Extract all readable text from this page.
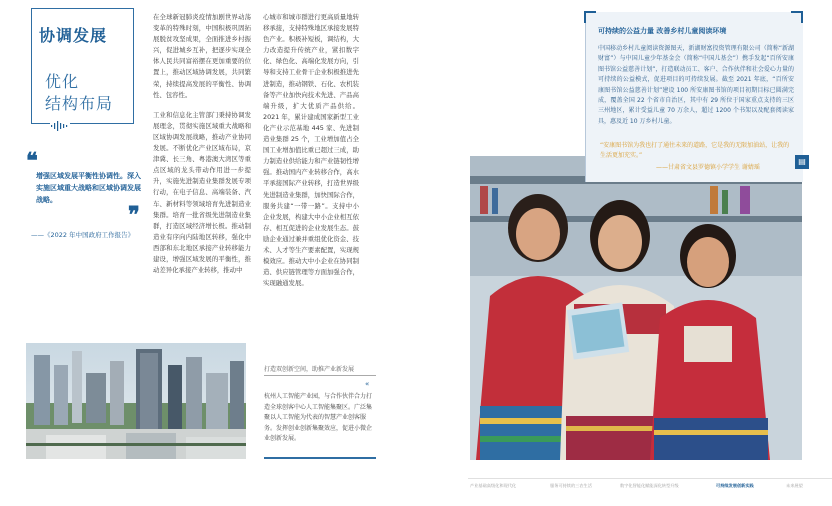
协调发展
优化
结构布局
❝
增强区域发展平衡性协调性。深入实施区域重大战略和区域协调发展战略。
❞
——《2022 年中国政府工作报告》

在全球新冠肺炎疫情加剧世界动荡变革的特殊时刻，中国积极巩固拓展脱贫攻坚成果，全面推进乡村振兴，促进城乡互补，把逐步实现全体人民共同富裕摆在更加重要的位置上，推动区域协调发展，共同繁荣，持续提高发展的平衡性、协调性、包容性。

工业和信息化主管部门秉持协调发展理念，贯彻实施区域重大战略和区域协调发展战略，推动产业协同发展。不断优化产业区域布局，京津冀、长三角、粤港澳大湾区等重点区域的龙头带动作用进一步提升，实施先进制造业集群发展专项行动，在电子信息、高端装备、汽车、新材料等领域培育先进制造业集群。培育一批省级先进制造业集群，打造区域经济增长极。推动制造业有序向内陆地区转移，强化中西部和东北地区承接产业转移能力建设，增强区域发展的平衡性，推动差异化承接产业转移，推动中

心城市和城市群进行更高质量地转移承接，支持特殊地区承接发展特色产业。积极补短板，调结构，大力改造提升传统产业，紧扣数字化、绿色化、高端化发展方向，引导和支持工业骨干企业积极推进先进制造，推动钢铁、石化、农机装备等产业加快向技术先进、产品高端升级，扩大优质产品供给。2021 年，累计建成国家新型工业化产业示范基地 445 家、先进制造业集群 25 个，工业增加值占全国工业增加值比重已超过三成，助力制造业供给能力和产业链韧性增强。推动国内产业转移合作，高水平承接国际产业转移，打造世界级先进制造业集群，加快国际合作，服务共建“一带一路”。支持中小企业发展，构建大中小企业相互依存、相互促进的企业发展生态。鼓励企业通过兼并重组优化资金、技术、人才等生产要素配置，实现规模效应。推动大中小企业在协同制造、供应链管理等方面加强合作，实现融通发展。

打造双创新空间，助推产业新发展
«
杭州人工智能产业园，与合作伙伴合力打造全球创客中心人工智能集聚区。广泛集聚以人工智能为代表的智慧产业创客服务。发挥创业创新集聚效应，促进小微企业创新发展。
可持续的公益力量 改善乡村儿童阅读环境
中国移动乡村儿童阅读资源图天，新湖财富投资管理有限公司（简称“新湖财富”）与中国儿童少年基金会（简称“中国儿基会”）携手发起“百所安康图书馆公益慈善计划”，打造联动员工、客户、合作伙伴和社会爱心力量的可持续的公益模式，促进项目的可持续发展。截至 2021 年底，“百所安康图书馆公益慈善计划”建设 100 所安康图书馆的项目初期目标已圆满完成，覆盖全国 22 个省市自治区，其中有 29 所位于国家重点支持的三区三州地区，累计受益儿童 70 万余人，超过 1200 个书架以及配套阅读家具，惠及近 10 万乡村儿童。
“安康图书馆为我也打了通往未来的道路，它是我的无限加油站，让我的生活更加充实。”
——甘肃省文县罗德镇小学学生 谢婧瑶
▤
产业基础高级化和现代化	服务可持续的三农生活	数字化智能化赋能深化转型升级	可持续发展创新实践	未来展望
